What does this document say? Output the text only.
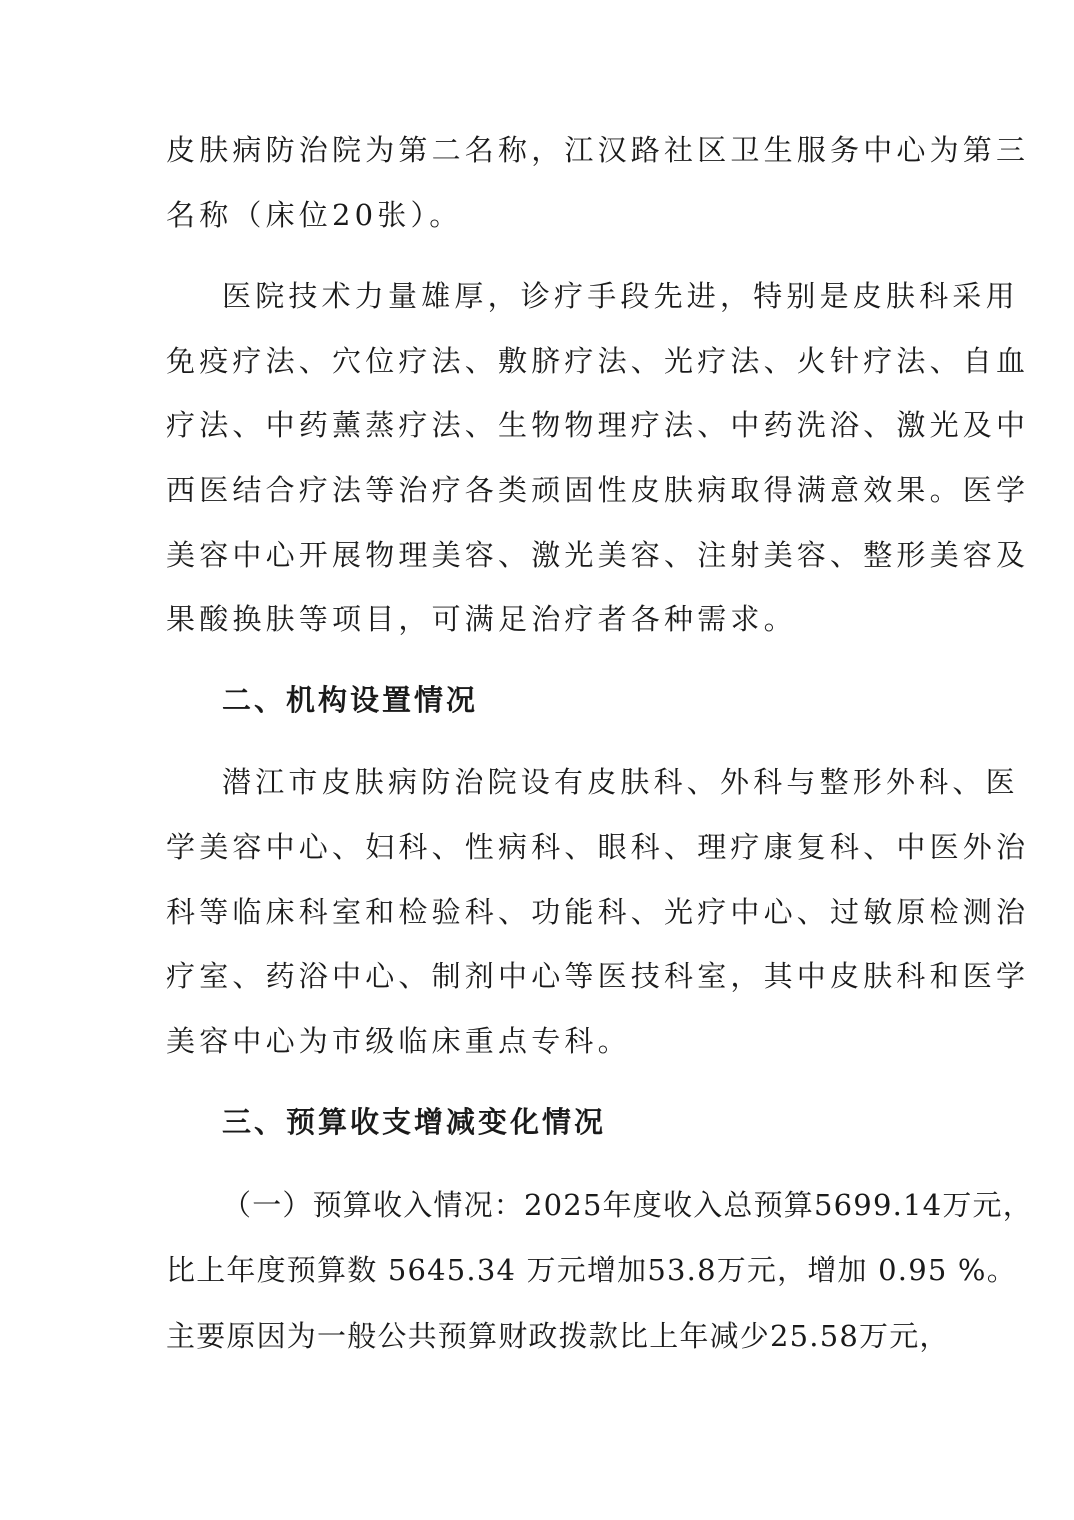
皮肤病防治院为第二名称，江汉路社区卫生服务中心为第三
名称（床位20张）。
医院技术力量雄厚，诊疗手段先进，特别是皮肤科采用
免疫疗法、穴位疗法、敷脐疗法、光疗法、火针疗法、自血
疗法、中药薰蒸疗法、生物物理疗法、中药洗浴、激光及中
西医结合疗法等治疗各类顽固性皮肤病取得满意效果。医学
美容中心开展物理美容、激光美容、注射美容、整形美容及
果酸换肤等项目，可满足治疗者各种需求。
二、机构设置情况
潜江市皮肤病防治院设有皮肤科、外科与整形外科、医
学美容中心、妇科、性病科、眼科、理疗康复科、中医外治
科等临床科室和检验科、功能科、光疗中心、过敏原检测治
疗室、药浴中心、制剂中心等医技科室，其中皮肤科和医学
美容中心为市级临床重点专科。
三、预算收支增减变化情况
（一）预算收入情况：2025年度收入总预算5699.14万元，
比上年度预算数 5645.34 万元增加53.8万元，增加 0.95 %。
主要原因为一般公共预算财政拨款比上年减少25.58万元，
